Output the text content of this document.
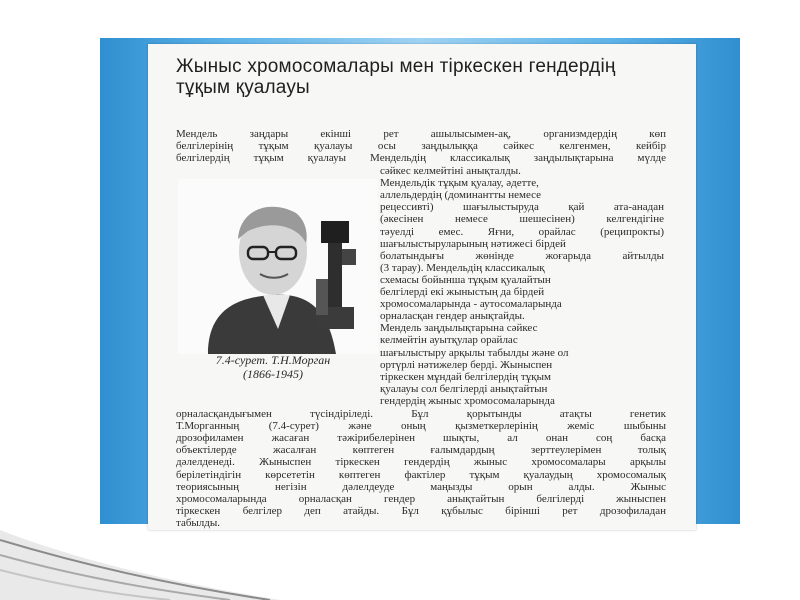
Жыныс хромосомалары мен тіркескен гендердің
тұқым қуалауы
Мендель заңдары екінші рет ашылысымен-ақ, организмдердің көп
белгілерінің тұқым қуалауы осы заңдылыққа сәйкес келгенмен, кейбір
белгілердің тұқым қуалауы Мендельдің классикалық заңдылықтарына мүлде
сәйкес келмейтіні анықталды.
Мендельдік тұқым қуалау, әдетте,
аллельдердің (доминантты немесе
рецессивті) шағылыстыруда қай ата-анадан
(әкесінен немесе шешесінен) келгендігіне
тәуелді емес. Яғни, орайлас (реципрокты)
шағылыстыруларының нәтижесі бірдей
болатындығы жөнінде жоғарыда айтылды
(3 тарау). Мендельдің классикалық
схемасы бойынша тұқым қуалайтын
белгілерді екі жыныстың да бірдей
хромосомаларында - аутосомаларында
орналасқан гендер анықтайды.
Мендель заңдылықтарына сәйкес
келмейтін ауытқулар орайлас
шағылыстыру арқылы табылды және ол
ортүрлі нәтижелер берді. Жыныспен
тіркескен мұндай белгілердің тұқым
қуалауы сол белгілерді анықтайтын
гендердің жыныс хромосомаларында
орналасқандығымен түсіндіріледі. Бұл қорытынды атақты генетик
Т.Морганның (7.4-сурет) және оның қызметкерлерінің жеміс шыбыны
дрозофиламен жасаған тәжірибелерінен шықты, ал онан соң басқа
объектілерде жасалған көптеген ғалымдардың зерттеулерімен толық
дәлелденеді. Жыныспен тіркескен гендердің жыныс хромосомалары арқылы
берілетіндігін көрсететін көптеген фактілер тұқым қуалаудың хромосомалық
теориясының негізін дәлелдеуде маңызды орын алды. Жыныс
хромосомаларында орналасқан гендер анықтайтын белгілерді жыныспен
тіркескен белгілер деп атайды. Бұл құбылыс бірінші рет дрозофиладан
табылды.
7.4-сурет. Т.Н.Морган
(1866-1945)
